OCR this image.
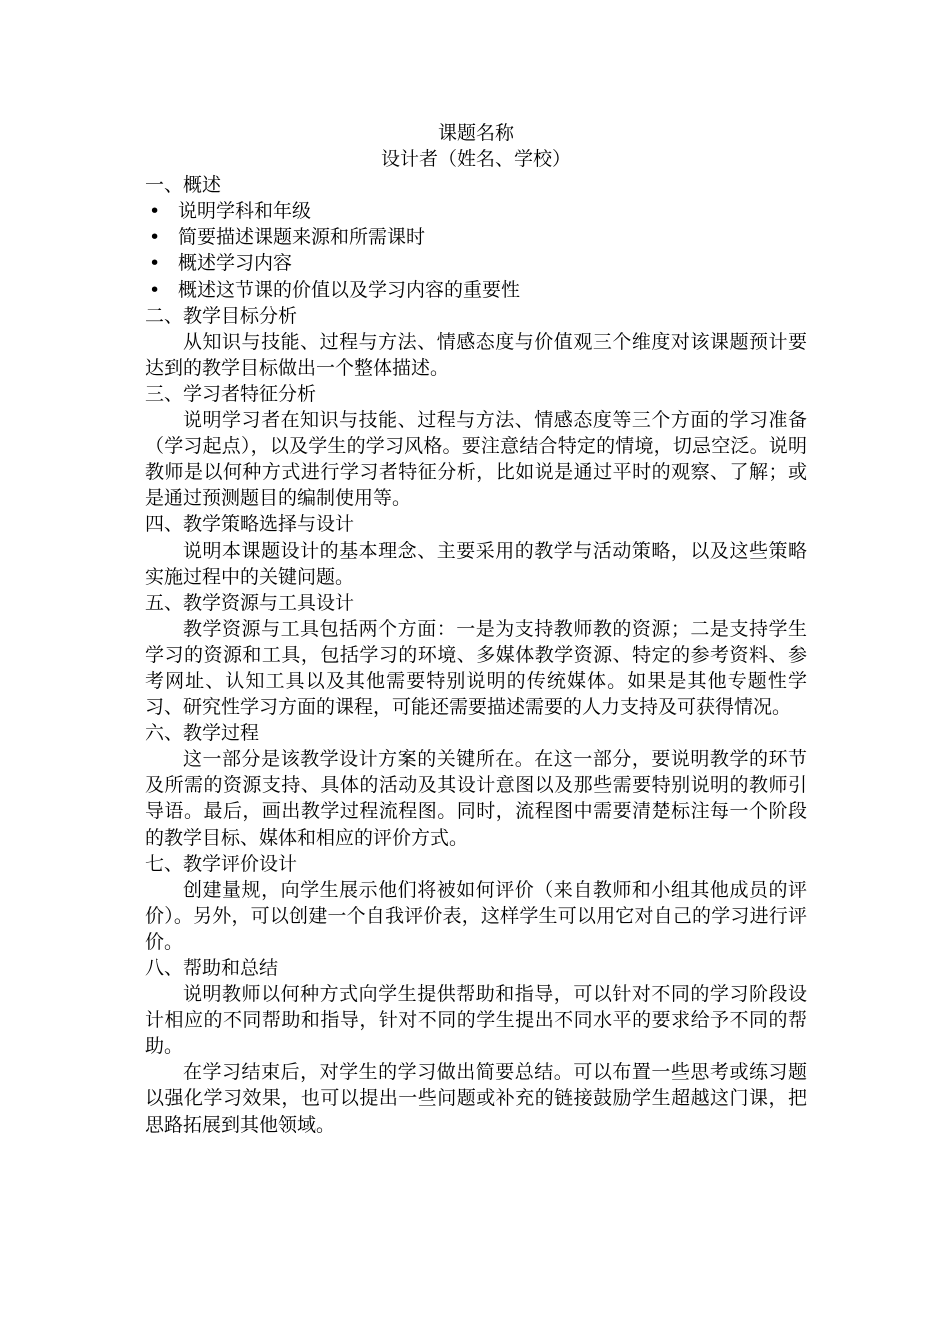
课题名称

设计者（姓名、学校）

一、概述

• 说明学科和年级
• 简要描述课题来源和所需课时
• 概述学习内容
• 概述这节课的价值以及学习内容的重要性

二、教学目标分析

从知识与技能、过程与方法、情感态度与价值观三个维度对该课题预计要达到的教学目标做出一个整体描述。

三、学习者特征分析

说明学习者在知识与技能、过程与方法、情感态度等三个方面的学习准备（学习起点），以及学生的学习风格。要注意结合特定的情境，切忌空泛。说明教师是以何种方式进行学习者特征分析，比如说是通过平时的观察、了解；或是通过预测题目的编制使用等。

四、教学策略选择与设计

说明本课题设计的基本理念、主要采用的教学与活动策略，以及这些策略实施过程中的关键问题。

五、教学资源与工具设计

教学资源与工具包括两个方面：一是为支持教师教的资源；二是支持学生学习的资源和工具，包括学习的环境、多媒体教学资源、特定的参考资料、参考网址、认知工具以及其他需要特别说明的传统媒体。如果是其他专题性学习、研究性学习方面的课程，可能还需要描述需要的人力支持及可获得情况。

六、教学过程

这一部分是该教学设计方案的关键所在。在这一部分，要说明教学的环节及所需的资源支持、具体的活动及其设计意图以及那些需要特别说明的教师引导语。最后，画出教学过程流程图。同时，流程图中需要清楚标注每一个阶段的教学目标、媒体和相应的评价方式。

七、教学评价设计

创建量规，向学生展示他们将被如何评价（来自教师和小组其他成员的评价）。另外，可以创建一个自我评价表，这样学生可以用它对自己的学习进行评价。

八、帮助和总结

说明教师以何种方式向学生提供帮助和指导，可以针对不同的学习阶段设计相应的不同帮助和指导，针对不同的学生提出不同水平的要求给予不同的帮助。

在学习结束后，对学生的学习做出简要总结。可以布置一些思考或练习题以强化学习效果，也可以提出一些问题或补充的链接鼓励学生超越这门课，把思路拓展到其他领域。
